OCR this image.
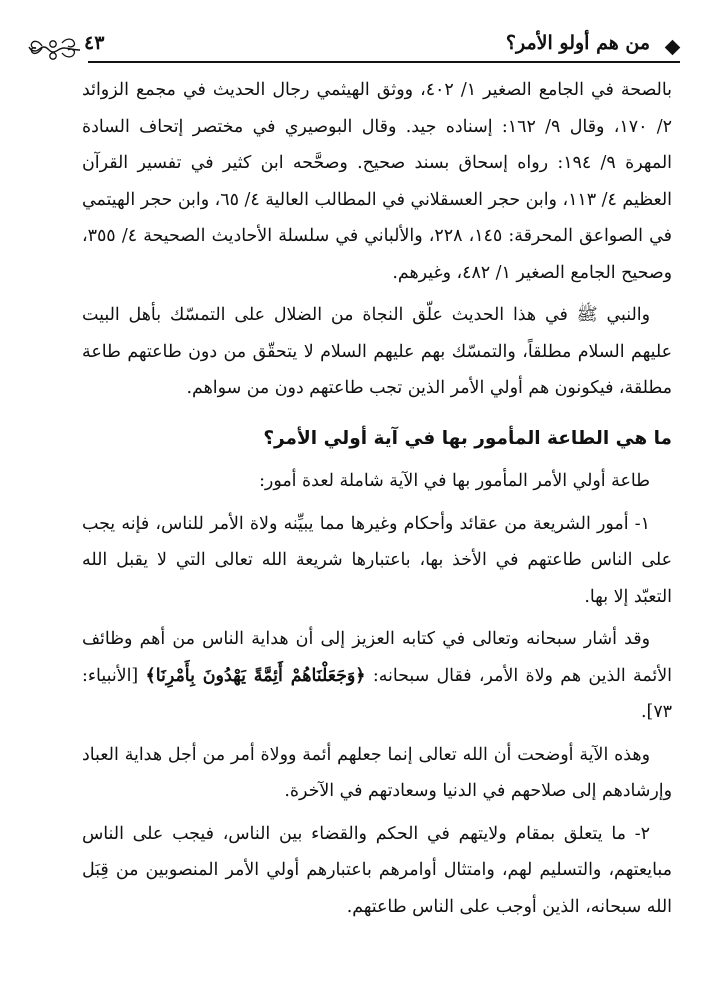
٤٣	من هم أولو الأمر؟

بالصحة في الجامع الصغير ١/ ٤٠٢، ووثق الهيثمي رجال الحديث في مجمع الزوائد ٢/ ١٧٠، وقال ٩/ ١٦٢: إسناده جيد. وقال البوصيري في مختصر إتحاف السادة المهرة ٩/ ١٩٤: رواه إسحاق بسند صحيح. وصحَّحه ابن كثير في تفسير القرآن العظيم ٤/ ١١٣، وابن حجر العسقلاني في المطالب العالية ٤/ ٦٥، وابن حجر الهيتمي في الصواعق المحرقة: ١٤٥، ٢٢٨، والألباني في سلسلة الأحاديث الصحيحة ٤/ ٣٥٥، وصحيح الجامع الصغير ١/ ٤٨٢، وغيرهم.

والنبي ﷺ في هذا الحديث علّق النجاة من الضلال على التمسّك بأهل البيت عليهم السلام مطلقاً، والتمسّك بهم عليهم السلام لا يتحقّق من دون طاعتهم طاعة مطلقة، فيكونون هم أولي الأمر الذين تجب طاعتهم دون من سواهم.

ما هي الطاعة المأمور بها في آية أولي الأمر؟

طاعة أولي الأمر المأمور بها في الآية شاملة لعدة أمور:

١- أمور الشريعة من عقائد وأحكام وغيرها مما يبيِّنه ولاة الأمر للناس، فإنه يجب على الناس طاعتهم في الأخذ بها، باعتبارها شريعة الله تعالى التي لا يقبل الله التعبّد إلا بها.

وقد أشار سبحانه وتعالى في كتابه العزيز إلى أن هداية الناس من أهم وظائف الأئمة الذين هم ولاة الأمر، فقال سبحانه: ﴿وَجَعَلْنَاهُمْ أَئِمَّةً يَهْدُونَ بِأَمْرِنَا﴾ [الأنبياء: ٧٣].

وهذه الآية أوضحت أن الله تعالى إنما جعلهم أئمة وولاة أمر من أجل هداية العباد وإرشادهم إلى صلاحهم في الدنيا وسعادتهم في الآخرة.

٢- ما يتعلق بمقام ولايتهم في الحكم والقضاء بين الناس، فيجب على الناس مبايعتهم، والتسليم لهم، وامتثال أوامرهم باعتبارهم أولي الأمر المنصوبين من قِبَل الله سبحانه، الذين أوجب على الناس طاعتهم.
